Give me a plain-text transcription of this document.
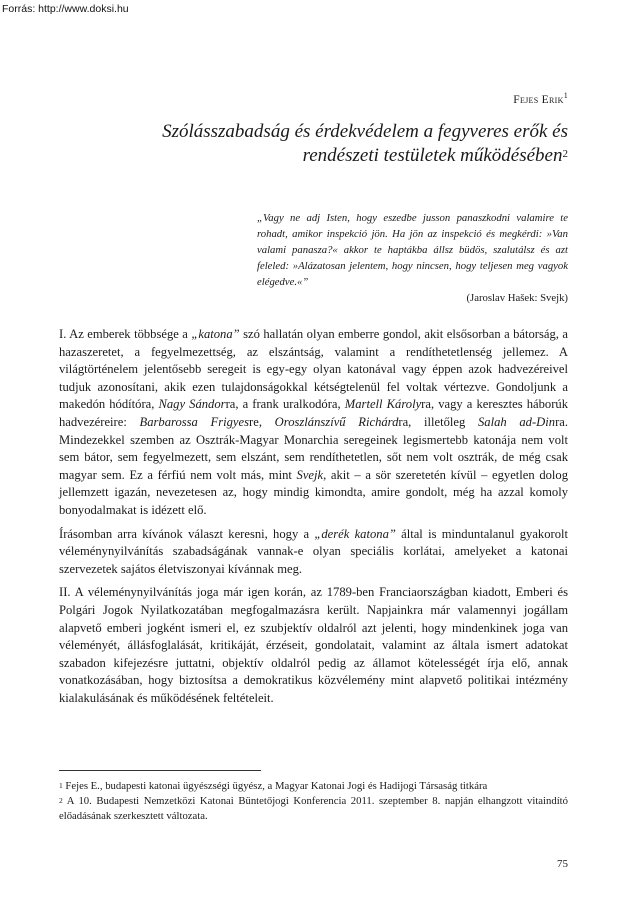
Forrás: http://www.doksi.hu
Fejes Erik$^1$
Szólásszabadság és érdekvédelem a fegyveres erők és rendészeti testületek működésében$^2$
„Vagy ne adj Isten, hogy eszedbe jusson panaszkodni valamire te rohadt, amikor inspekció jön. Ha jön az inspekció és megkérdi: »Van valami panasza?« akkor te haptákba állsz büdös, szalutálsz és azt feleled: »Alázatosan jelentem, hogy nincsen, hogy teljesen meg vagyok elégedve.«”
(Jaroslav Hašek: Svejk)

I. Az emberek többsége a „katona” szó hallatán olyan emberre gondol, akit elsősorban a bátorság, a hazaszeretet, a fegyelmezettség, az elszántság, valamint a rendíthetetlenség jellemez. A világtörténelem jelentősebb seregeit is egy-egy olyan katonával vagy éppen azok hadvezéreivel tudjuk azonosítani, akik ezen tulajdonságokkal kétségtelenül fel voltak vértezve. Gondoljunk a makedón hódítóra, Nagy Sándorra, a frank uralkodóra, Martell Károlyra, vagy a keresztes háborúk hadvezéreire: Barbarossa Frigyesre, Oroszlánszívű Richárdra, illetőleg Salah ad-Dinra. Mindezekkel szemben az Osztrák-Magyar Monarchia seregeinek legismertebb katonája nem volt sem bátor, sem fegyelmezett, sem elszánt, sem rendíthetetlen, sőt nem volt osztrák, de még csak magyar sem. Ez a férfiú nem volt más, mint Svejk, akit – a sör szeretetén kívül – egyetlen dolog jellemzett igazán, nevezetesen az, hogy mindig kimondta, amire gondolt, még ha azzal komoly bonyodalmakat is idézett elő.

Írásomban arra kívánok választ keresni, hogy a „derék katona” által is minduntalanul gyakorolt véleménynyilvánítás szabadságának vannak-e olyan speciális korlátai, amelyeket a katonai szervezetek sajátos életviszonyai kívánnak meg.

II. A véleménynyilvánítás joga már igen korán, az 1789-ben Franciaországban kiadott, Emberi és Polgári Jogok Nyilatkozatában megfogalmazásra került. Napjainkra már valamennyi jogállam alapvető emberi jogként ismeri el, ez szubjektív oldalról azt jelenti, hogy mindenkinek joga van véleményét, állásfoglalását, kritikáját, érzéseit, gondolatait, valamint az általa ismert adatokat szabadon kifejezésre juttatni, objektív oldalról pedig az államot kötelességét írja elő, annak vonatkozásában, hogy biztosítsa a demokratikus közvélemény mint alapvető politikai intézmény kialakulásának és működésének feltételeit.

$^1$ Fejes E., budapesti katonai ügyészségi ügyész, a Magyar Katonai Jogi és Hadijogi Társaság titkára

$^2$ A 10. Budapesti Nemzetközi Katonai Büntetőjogi Konferencia 2011. szeptember 8. napján elhangzott vitaindító előadásának szerkesztett változata.

75
